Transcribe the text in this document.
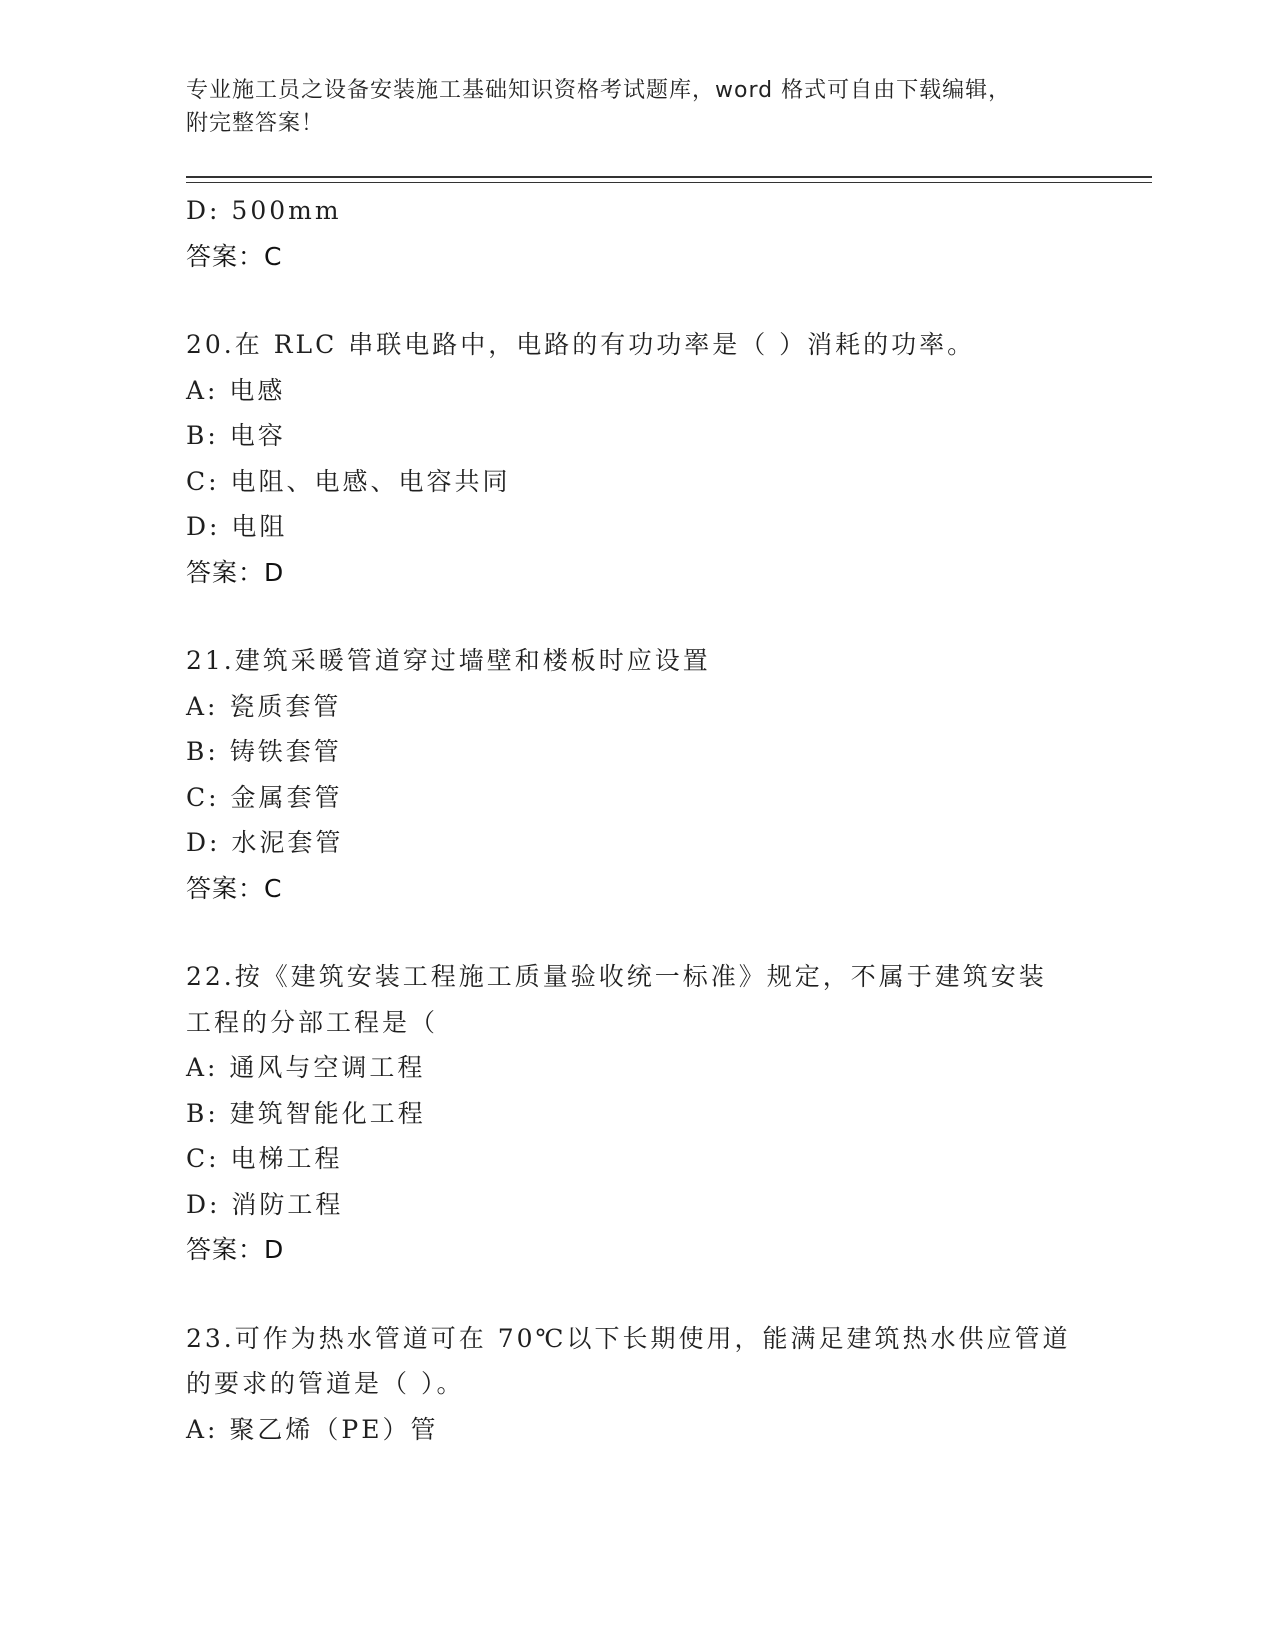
专业施工员之设备安装施工基础知识资格考试题库，word 格式可自由下载编辑，
附完整答案！
D: 500mm
答案：C
20.在 RLC 串联电路中，电路的有功功率是（ ）消耗的功率。
A: 电感
B: 电容
C: 电阻、电感、电容共同
D: 电阻
答案：D
21.建筑采暖管道穿过墙壁和楼板时应设置
A: 瓷质套管
B: 铸铁套管
C: 金属套管
D: 水泥套管
答案：C
22.按《建筑安装工程施工质量验收统一标准》规定，不属于建筑安装
工程的分部工程是（
A: 通风与空调工程
B: 建筑智能化工程
C: 电梯工程
D: 消防工程
答案：D
23.可作为热水管道可在 70℃以下长期使用，能满足建筑热水供应管道
的要求的管道是（ ）。
A: 聚乙烯（PE）管
